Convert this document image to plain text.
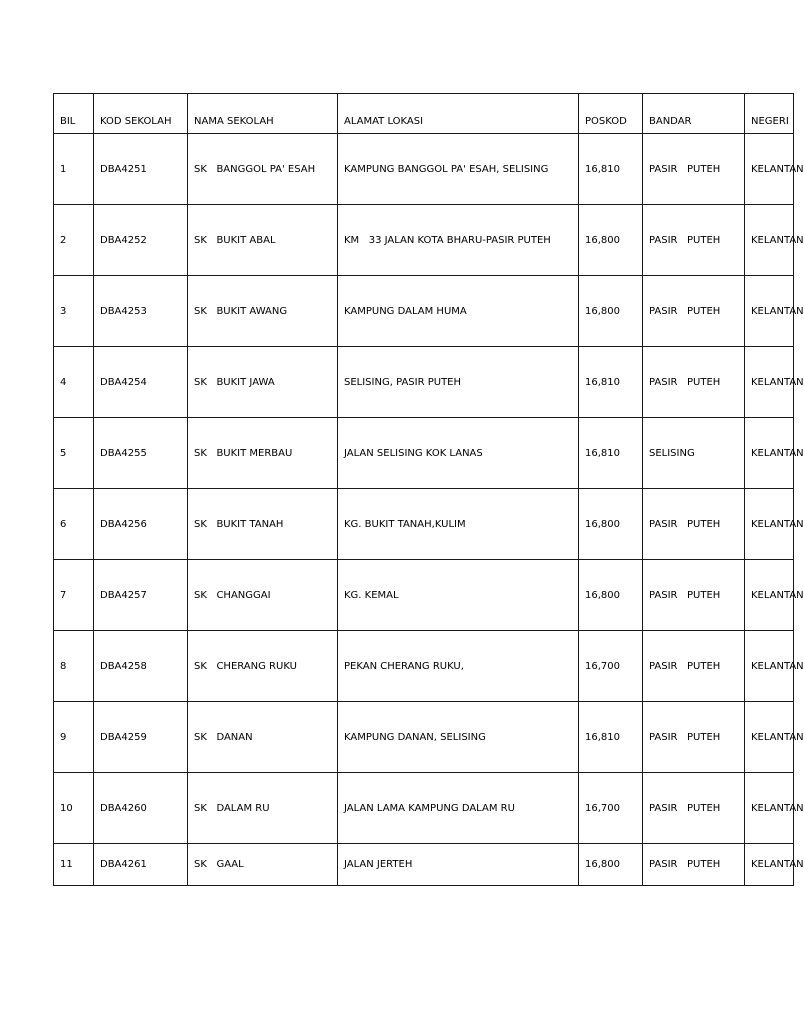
BIL	KOD SEKOLAH	NAMA SEKOLAH	ALAMAT LOKASI	POSKOD	BANDAR	NEGERI
1	DBA4251	SK   BANGGOL PA' ESAH	KAMPUNG BANGGOL PA' ESAH, SELISING	16,810	PASIR   PUTEH	KELANTAN
2	DBA4252	SK   BUKIT ABAL	KM   33 JALAN KOTA BHARU-PASIR PUTEH	16,800	PASIR   PUTEH	KELANTAN
3	DBA4253	SK   BUKIT AWANG	KAMPUNG DALAM HUMA	16,800	PASIR   PUTEH	KELANTAN
4	DBA4254	SK   BUKIT JAWA	SELISING, PASIR PUTEH	16,810	PASIR   PUTEH	KELANTAN
5	DBA4255	SK   BUKIT MERBAU	JALAN SELISING KOK LANAS	16,810	SELISING	KELANTAN
6	DBA4256	SK   BUKIT TANAH	KG. BUKIT TANAH,KULIM	16,800	PASIR   PUTEH	KELANTAN
7	DBA4257	SK   CHANGGAI	KG. KEMAL	16,800	PASIR   PUTEH	KELANTAN
8	DBA4258	SK   CHERANG RUKU	PEKAN CHERANG RUKU,	16,700	PASIR   PUTEH	KELANTAN
9	DBA4259	SK   DANAN	KAMPUNG DANAN, SELISING	16,810	PASIR   PUTEH	KELANTAN
10	DBA4260	SK   DALAM RU	JALAN LAMA KAMPUNG DALAM RU	16,700	PASIR   PUTEH	KELANTAN
11	DBA4261	SK   GAAL	JALAN JERTEH	16,800	PASIR   PUTEH	KELANTAN
